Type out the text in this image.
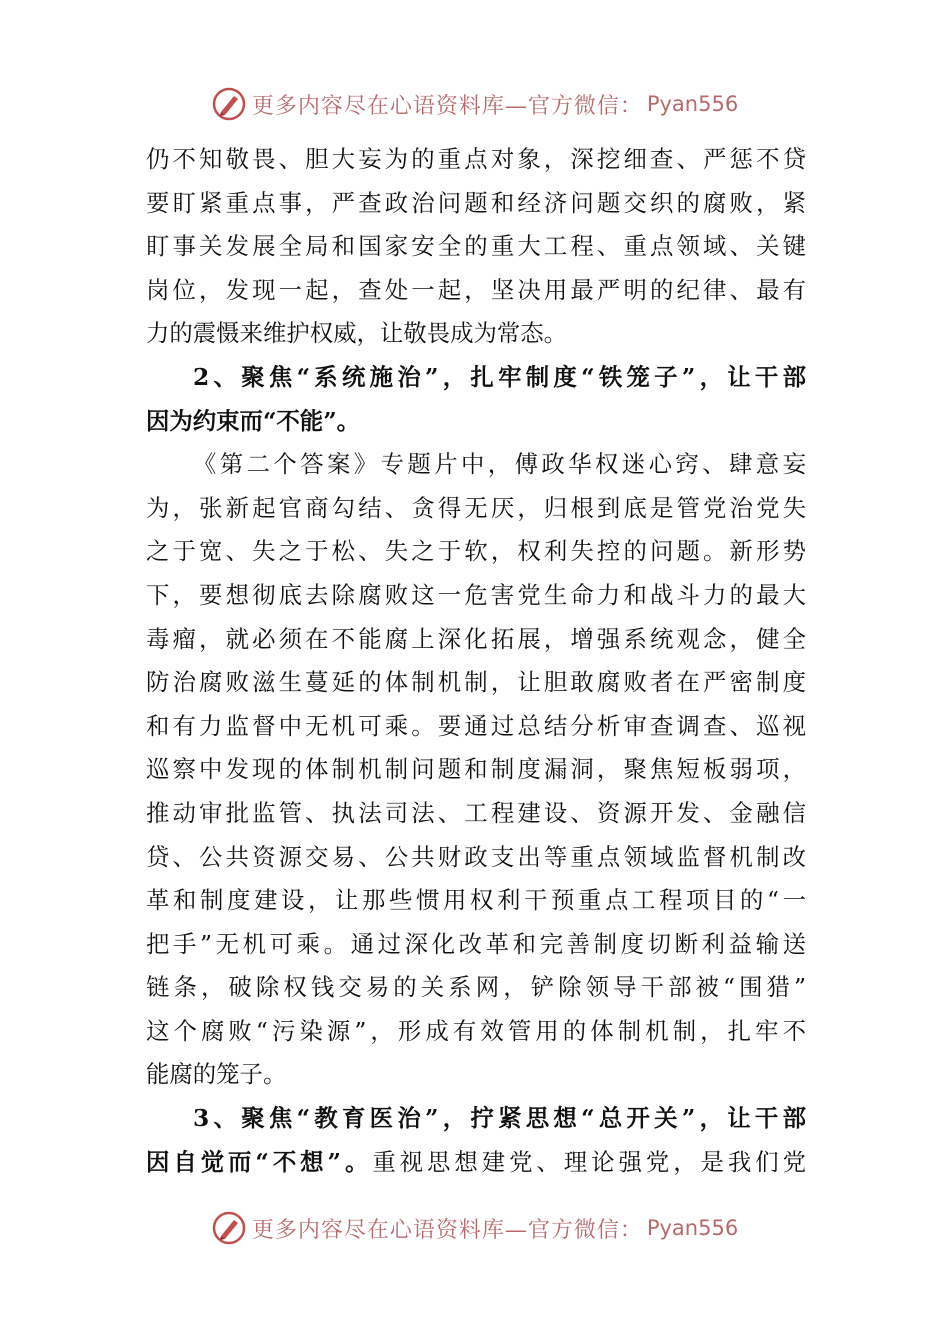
更多内容尽在心语资料库—官方微信： Pyan556
仍不知敬畏、胆大妄为的重点对象，深挖细查、严惩不贷
要盯紧重点事，严查政治问题和经济问题交织的腐败，紧
盯事关发展全局和国家安全的重大工程、重点领域、关键
岗位，发现一起，查处一起，坚决用最严明的纪律、最有
力的震慑来维护权威，让敬畏成为常态。
2、聚焦“系统施治”，扎牢制度“铁笼子”，让干部
因为约束而“不能”。
《第二个答案》专题片中，傅政华权迷心窍、肆意妄
为，张新起官商勾结、贪得无厌，归根到底是管党治党失
之于宽、失之于松、失之于软，权利失控的问题。新形势
下，要想彻底去除腐败这一危害党生命力和战斗力的最大
毒瘤，就必须在不能腐上深化拓展，增强系统观念，健全
防治腐败滋生蔓延的体制机制，让胆敢腐败者在严密制度
和有力监督中无机可乘。要通过总结分析审查调查、巡视
巡察中发现的体制机制问题和制度漏洞，聚焦短板弱项，
推动审批监管、执法司法、工程建设、资源开发、金融信
贷、公共资源交易、公共财政支出等重点领域监督机制改
革和制度建设，让那些惯用权利干预重点工程项目的“一
把手”无机可乘。通过深化改革和完善制度切断利益输送
链条，破除权钱交易的关系网，铲除领导干部被“围猎”
这个腐败“污染源”，形成有效管用的体制机制，扎牢不
能腐的笼子。
3、聚焦“教育医治”，拧紧思想“总开关”，让干部
因自觉而“不想”。重视思想建党、理论强党，是我们党
更多内容尽在心语资料库—官方微信： Pyan556
